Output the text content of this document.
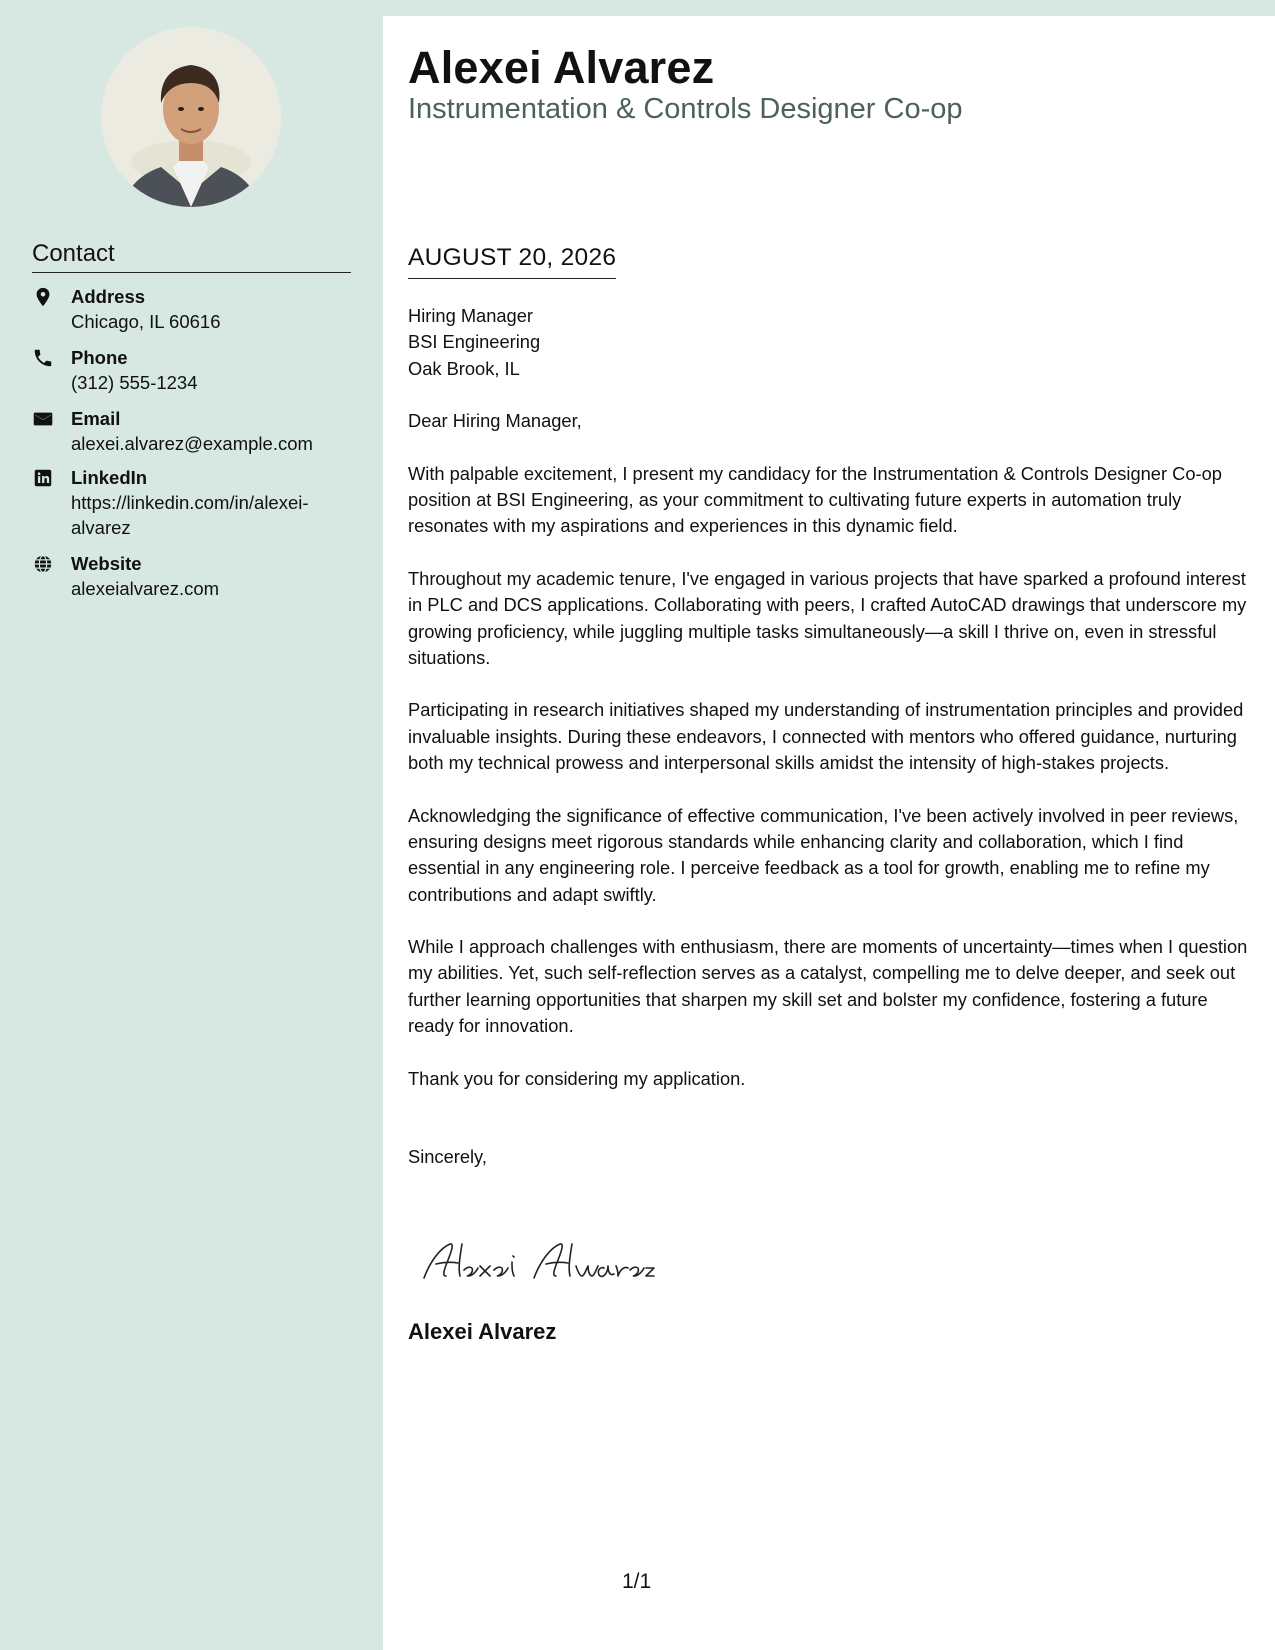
Contact
Address
Chicago, IL 60616
Phone
(312) 555-1234
Email
alexei.alvarez@example.com
LinkedIn
https://linkedin.com/in/alexei-alvarez
Website
alexeialvarez.com
Alexei Alvarez
Instrumentation & Controls Designer Co-op
AUGUST 20, 2026

Hiring Manager
BSI Engineering
Oak Brook, IL

Dear Hiring Manager,

With palpable excitement, I present my candidacy for the Instrumentation & Controls Designer Co-op position at BSI Engineering, as your commitment to cultivating future experts in automation truly resonates with my aspirations and experiences in this dynamic field.

Throughout my academic tenure, I've engaged in various projects that have sparked a profound interest in PLC and DCS applications. Collaborating with peers, I crafted AutoCAD drawings that underscore my growing proficiency, while juggling multiple tasks simultaneously—a skill I thrive on, even in stressful situations.

Participating in research initiatives shaped my understanding of instrumentation principles and provided invaluable insights. During these endeavors, I connected with mentors who offered guidance, nurturing both my technical prowess and interpersonal skills amidst the intensity of high-stakes projects.

Acknowledging the significance of effective communication, I've been actively involved in peer reviews, ensuring designs meet rigorous standards while enhancing clarity and collaboration, which I find essential in any engineering role. I perceive feedback as a tool for growth, enabling me to refine my contributions and adapt swiftly.

While I approach challenges with enthusiasm, there are moments of uncertainty—times when I question my abilities. Yet, such self-reflection serves as a catalyst, compelling me to delve deeper, and seek out further learning opportunities that sharpen my skill set and bolster my confidence, fostering a future ready for innovation.

Thank you for considering my application.

Sincerely,

Alexei Alvarez
1/1
